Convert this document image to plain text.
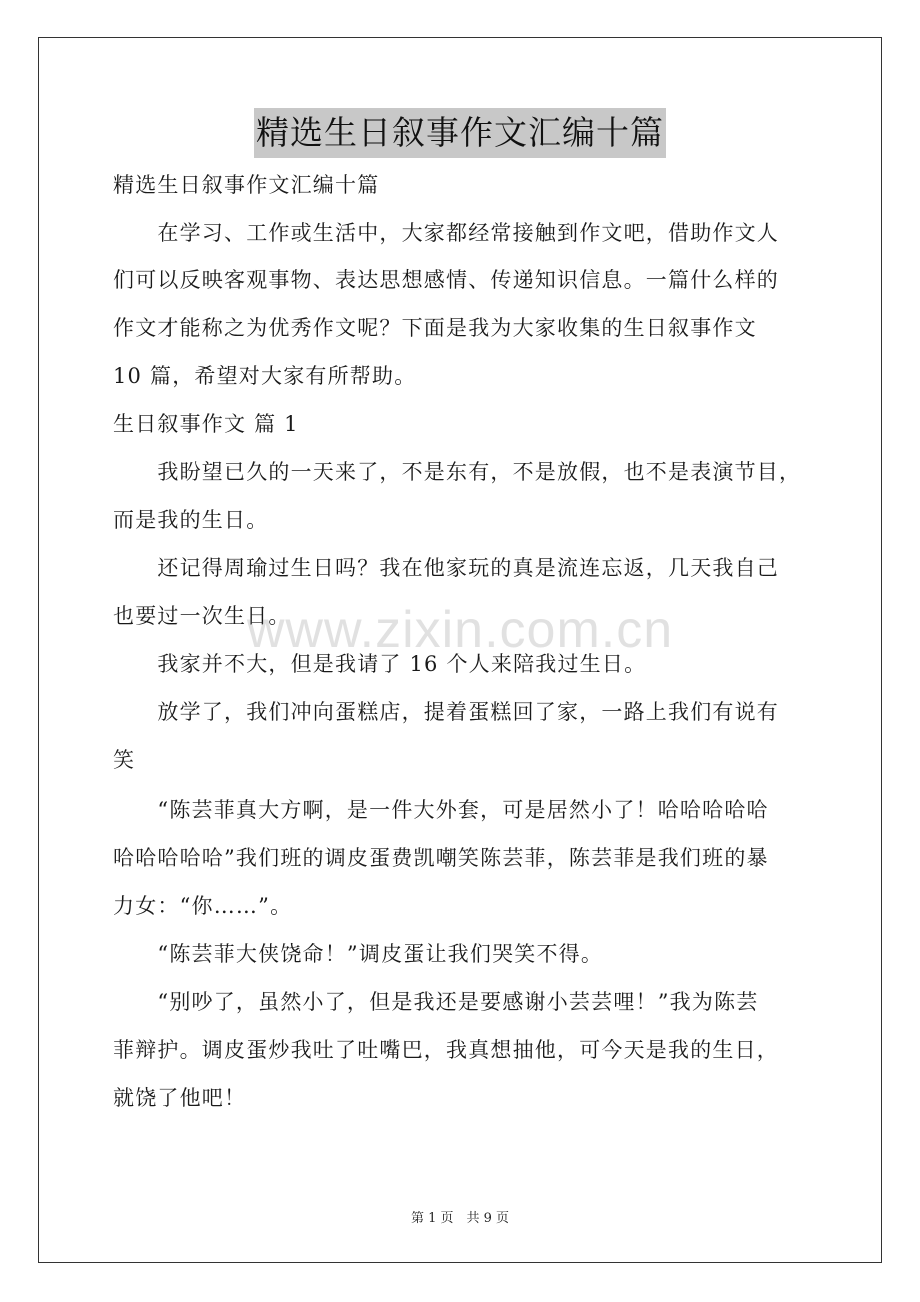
精选生日叙事作文汇编十篇
精选生日叙事作文汇编十篇
　　在学习、工作或生活中，大家都经常接触到作文吧，借助作文人
们可以反映客观事物、表达思想感情、传递知识信息。一篇什么样的
作文才能称之为优秀作文呢？下面是我为大家收集的生日叙事作文
10 篇，希望对大家有所帮助。
生日叙事作文 篇 1
　　我盼望已久的一天来了，不是东有，不是放假，也不是表演节目，
而是我的生日。
　　还记得周瑜过生日吗？我在他家玩的真是流连忘返，几天我自己
也要过一次生日。
　　我家并不大，但是我请了 16 个人来陪我过生日。
　　放学了，我们冲向蛋糕店，提着蛋糕回了家，一路上我们有说有
笑
　　“陈芸菲真大方啊，是一件大外套，可是居然小了！哈哈哈哈哈
哈哈哈哈哈”我们班的调皮蛋费凯嘲笑陈芸菲，陈芸菲是我们班的暴
力女：“你……”。
　　“陈芸菲大侠饶命！”调皮蛋让我们哭笑不得。
　　“别吵了，虽然小了，但是我还是要感谢小芸芸哩！”我为陈芸
菲辩护。调皮蛋炒我吐了吐嘴巴，我真想抽他，可今天是我的生日，
就饶了他吧！
www.zixin.com.cn
第 1 页　共 9 页
